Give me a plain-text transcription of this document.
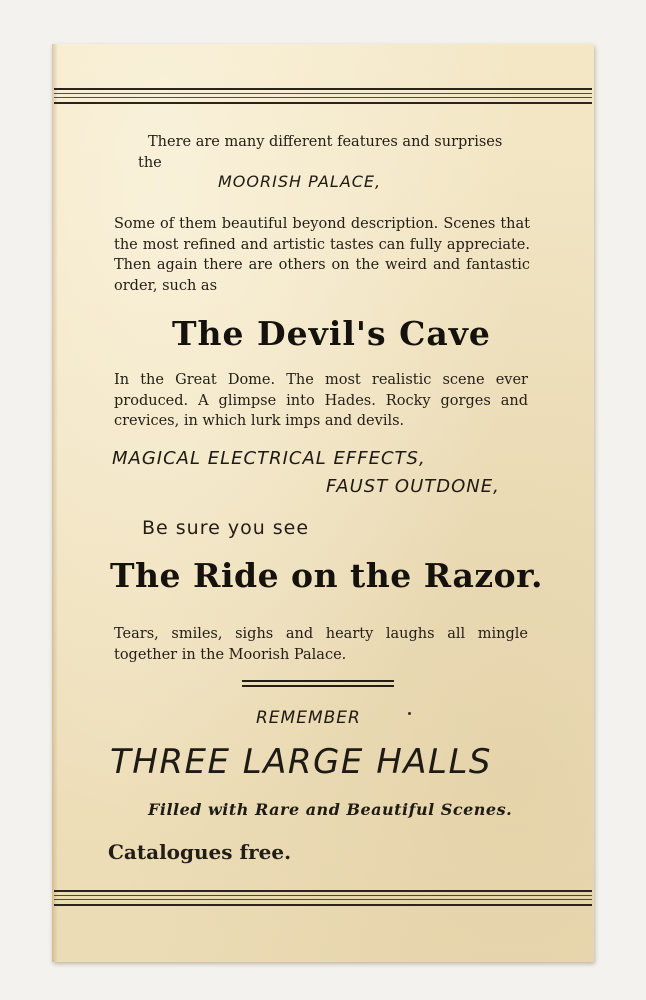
There are many different features and surprises
the
MOORISH PALACE,
Some of them beautiful beyond description. Scenes that the most refined and artistic tastes can fully appreciate. Then again there are others on the weird and fantastic order, such as
The Devil's Cave
In the Great Dome. The most realistic scene ever produced. A glimpse into Hades. Rocky gorges and crevices, in which lurk imps and devils.
MAGICAL ELECTRICAL EFFECTS,
FAUST OUTDONE,
Be sure you see
The Ride on the Razor.
Tears, smiles, sighs and hearty laughs all mingle together in the Moorish Palace.
REMEMBER
THREE LARGE HALLS
Filled with Rare and Beautiful Scenes.
Catalogues free.
